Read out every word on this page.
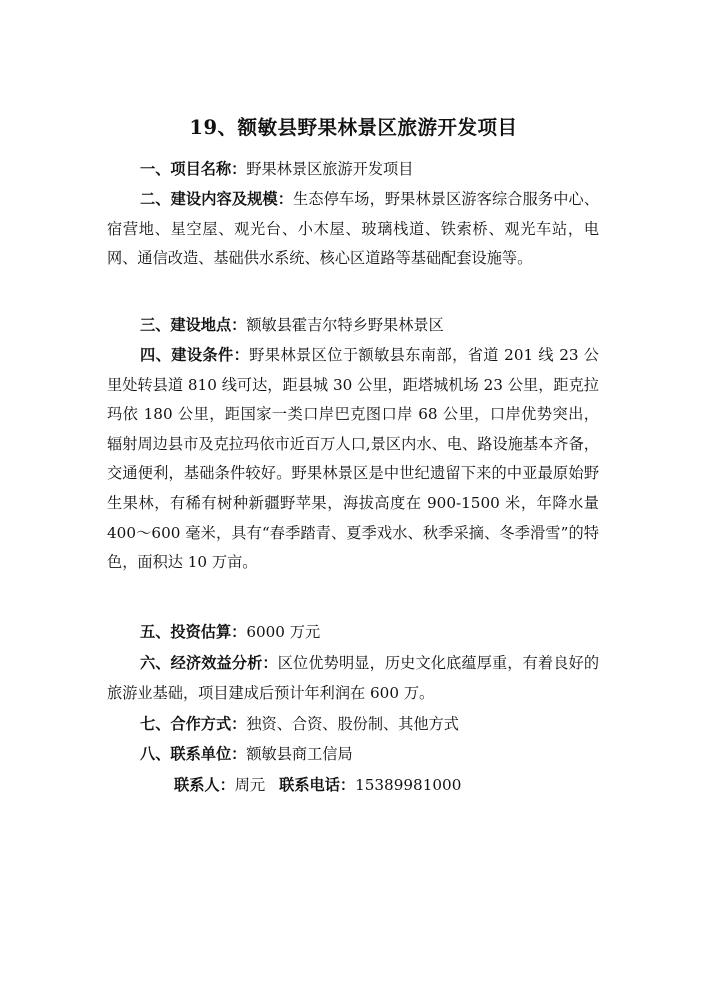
19、额敏县野果林景区旅游开发项目
一、项目名称：野果林景区旅游开发项目
二、建设内容及规模：生态停车场，野果林景区游客综合服务中心、宿营地、星空屋、观光台、小木屋、玻璃栈道、铁索桥、观光车站，电网、通信改造、基础供水系统、核心区道路等基础配套设施等。
三、建设地点：额敏县霍吉尔特乡野果林景区
四、建设条件：野果林景区位于额敏县东南部，省道 201 线 23 公里处转县道 810 线可达，距县城 30 公里，距塔城机场 23 公里，距克拉玛依 180 公里，距国家一类口岸巴克图口岸 68 公里，口岸优势突出，辐射周边县市及克拉玛依市近百万人口,景区内水、电、路设施基本齐备，交通便利，基础条件较好。野果林景区是中世纪遗留下来的中亚最原始野生果林，有稀有树种新疆野苹果，海拔高度在 900-1500 米，年降水量 400～600 毫米，具有“春季踏青、夏季戏水、秋季采摘、冬季滑雪”的特色，面积达 10 万亩。
五、投资估算：6000 万元
六、经济效益分析：区位优势明显，历史文化底蕴厚重，有着良好的旅游业基础，项目建成后预计年利润在 600 万。
七、合作方式：独资、合资、股份制、其他方式
八、联系单位：额敏县商工信局
联系人：周元 联系电话：15389981000
